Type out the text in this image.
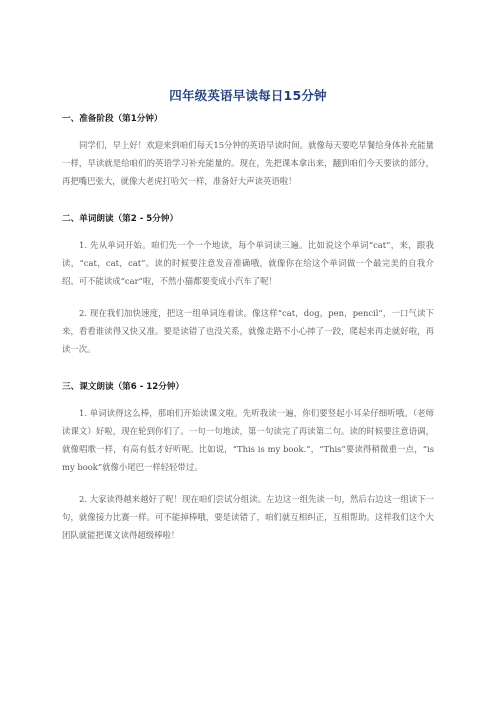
四年级英语早读每日15分钟
一、准备阶段（第1分钟）

同学们，早上好！欢迎来到咱们每天15分钟的英语早读时间。就像每天要吃早餐给身体补充能量一样，早读就是给咱们的英语学习补充能量的。现在，先把课本拿出来，翻到咱们今天要读的部分，再把嘴巴张大，就像大老虎打哈欠一样，准备好大声读英语啦！

二、单词朗读（第2 - 5分钟）

1. 先从单词开始。咱们先一个一个地读，每个单词读三遍。比如说这个单词“cat”，来，跟我读，“cat，cat，cat”。读的时候要注意发音准确哦，就像你在给这个单词做一个最完美的自我介绍。可不能读成“car”啦，不然小猫都要变成小汽车了呢！

2. 现在我们加快速度，把这一组单词连着读。像这样“cat，dog，pen，pencil”，一口气读下来，看看谁读得又快又准。要是读错了也没关系，就像走路不小心摔了一跤，爬起来再走就好啦，再读一次。

三、课文朗读（第6 - 12分钟）

1. 单词读得这么棒，那咱们开始读课文啦。先听我读一遍，你们要竖起小耳朵仔细听哦。（老师读课文）好啦，现在轮到你们了。一句一句地读，第一句读完了再读第二句。读的时候要注意语调，就像唱歌一样，有高有低才好听呢。比如说，“This is my book.”，“This”要读得稍微重一点，“is my book”就像小尾巴一样轻轻带过。

2. 大家读得越来越好了呢！现在咱们尝试分组读。左边这一组先读一句，然后右边这一组读下一句，就像接力比赛一样。可不能掉棒哦，要是读错了，咱们就互相纠正，互相帮助。这样我们这个大团队就能把课文读得超级棒啦！
